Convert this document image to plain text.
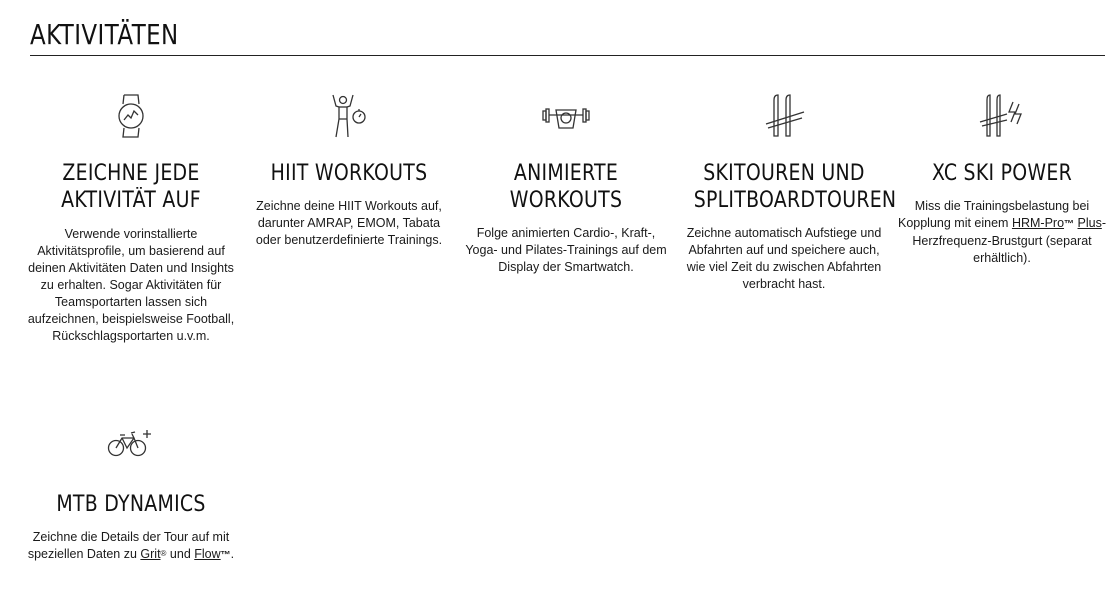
AKTIVITÄTEN
ZEICHNE JEDE
AKTIVITÄT AUF

Verwende vorinstallierte Aktivitätsprofile, um basierend auf deinen Aktivitäten Daten und Insights zu erhalten. Sogar Aktivitäten für Teamsportarten lassen sich aufzeichnen, beispielsweise Football, Rückschlagsportarten u.v.m.

HIIT WORKOUTS

Zeichne deine HIIT Workouts auf, darunter AMRAP, EMOM, Tabata oder benutzerdefinierte Trainings.

ANIMIERTE WORKOUTS

Folge animierten Cardio-, Kraft-, Yoga- und Pilates-Trainings auf dem Display der Smartwatch.

SKITOUREN UND
SPLITBOARDTOUREN

Zeichne automatisch Aufstiege und Abfahrten auf und speichere auch, wie viel Zeit du zwischen Abfahrten verbracht hast.

XC SKI POWER

Miss die Trainingsbelastung bei Kopplung mit einem HRM-Pro™ Plus-Herzfrequenz-Brustgurt (separat erhältlich).

MTB DYNAMICS

Zeichne die Details der Tour auf mit speziellen Daten zu Grit® und Flow™.
